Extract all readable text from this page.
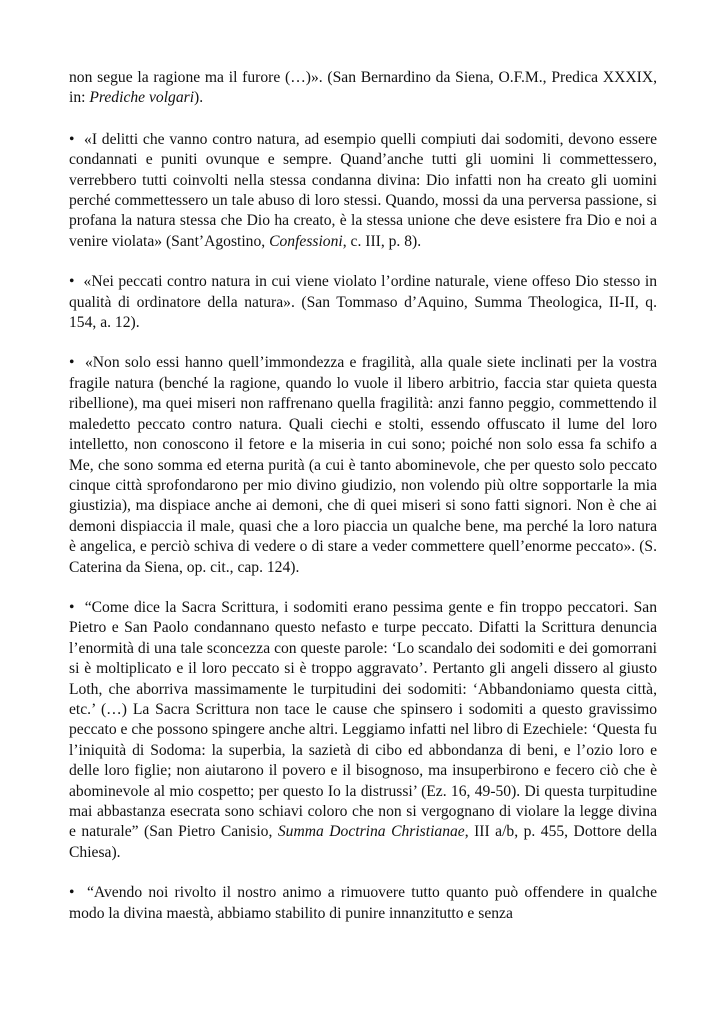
non segue la ragione ma il furore (…)». (San Bernardino da Siena, O.F.M., Predica XXXIX, in: Prediche volgari).

• «I delitti che vanno contro natura, ad esempio quelli compiuti dai sodomiti, devono essere condannati e puniti ovunque e sempre. Quand’anche tutti gli uomini li commettessero, verrebbero tutti coinvolti nella stessa condanna divina: Dio infatti non ha creato gli uomini perché commettessero un tale abuso di loro stessi. Quando, mossi da una perversa passione, si profana la natura stessa che Dio ha creato, è la stessa unione che deve esistere fra Dio e noi a venire violata» (Sant’Agostino, Confessioni, c. III, p. 8).

• «Nei peccati contro natura in cui viene violato l’ordine naturale, viene offeso Dio stesso in qualità di ordinatore della natura». (San Tommaso d’Aquino, Summa Theologica, II-II, q. 154, a. 12).

• «Non solo essi hanno quell’immondezza e fragilità, alla quale siete inclinati per la vostra fragile natura (benché la ragione, quando lo vuole il libero arbitrio, faccia star quieta questa ribellione), ma quei miseri non raffrenano quella fragilità: anzi fanno peggio, commettendo il maledetto peccato contro natura. Quali ciechi e stolti, essendo offuscato il lume del loro intelletto, non conoscono il fetore e la miseria in cui sono; poiché non solo essa fa schifo a Me, che sono somma ed eterna purità (a cui è tanto abominevole, che per questo solo peccato cinque città sprofondarono per mio divino giudizio, non volendo più oltre sopportarle la mia giustizia), ma dispiace anche ai demoni, che di quei miseri si sono fatti signori. Non è che ai demoni dispiaccia il male, quasi che a loro piaccia un qualche bene, ma perché la loro natura è angelica, e perciò schiva di vedere o di stare a veder commettere quell’enorme peccato». (S. Caterina da Siena, op. cit., cap. 124).

• “Come dice la Sacra Scrittura, i sodomiti erano pessima gente e fin troppo peccatori. San Pietro e San Paolo condannano questo nefasto e turpe peccato. Difatti la Scrittura denuncia l’enormità di una tale sconcezza con queste parole: ‘Lo scandalo dei sodomiti e dei gomorrani si è moltiplicato e il loro peccato si è troppo aggravato’. Pertanto gli angeli dissero al giusto Loth, che aborriva massimamente le turpitudini dei sodomiti: ‘Abbandoniamo questa città, etc.’ (…) La Sacra Scrittura non tace le cause che spinsero i sodomiti a questo gravissimo peccato e che possono spingere anche altri. Leggiamo infatti nel libro di Ezechiele: ‘Questa fu l’iniquità di Sodoma: la superbia, la sazietà di cibo ed abbondanza di beni, e l’ozio loro e delle loro figlie; non aiutarono il povero e il bisognoso, ma insuperbirono e fecero ciò che è abominevole al mio cospetto; per questo Io la distrussi’ (Ez. 16, 49-50). Di questa turpitudine mai abbastanza esecrata sono schiavi coloro che non si vergognano di violare la legge divina e naturale” (San Pietro Canisio, Summa Doctrina Christianae, III a/b, p. 455, Dottore della Chiesa).

• “Avendo noi rivolto il nostro animo a rimuovere tutto quanto può offendere in qualche modo la divina maestà, abbiamo stabilito di punire innanzitutto e senza
